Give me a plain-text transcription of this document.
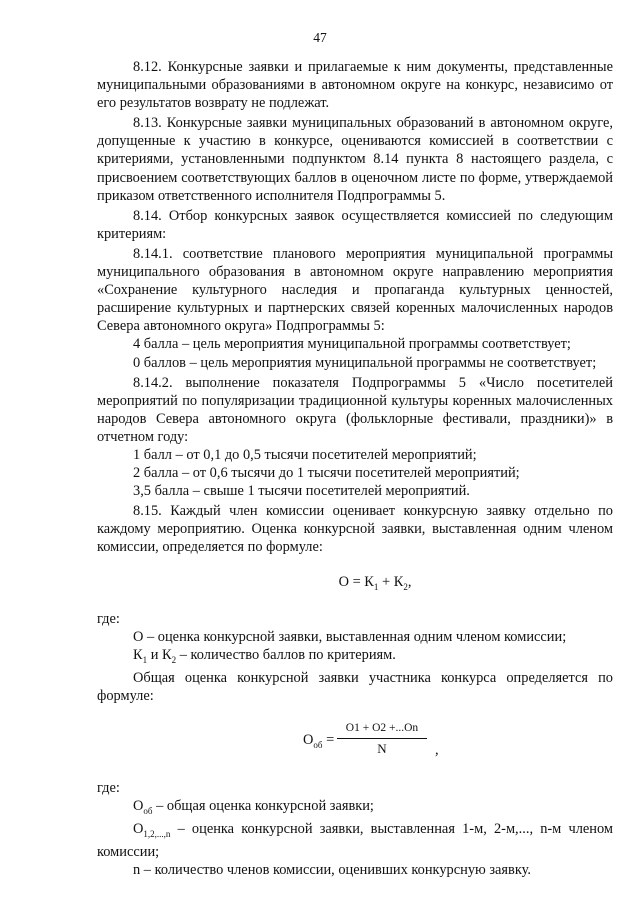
47

8.12. Конкурсные заявки и прилагаемые к ним документы, представленные муниципальными образованиями в автономном округе на конкурс, независимо от его результатов возврату не подлежат.

8.13. Конкурсные заявки муниципальных образований в автономном округе, допущенные к участию в конкурсе, оцениваются комиссией в соответствии с критериями, установленными подпунктом 8.14 пункта 8 настоящего раздела, с присвоением соответствующих баллов в оценочном листе по форме, утверждаемой приказом ответственного исполнителя Подпрограммы 5.

8.14. Отбор конкурсных заявок осуществляется комиссией по следующим критериям:

8.14.1. соответствие планового мероприятия муниципальной программы муниципального образования в автономном округе направлению мероприятия «Сохранение культурного наследия и пропаганда культурных ценностей, расширение культурных и партнерских связей коренных малочисленных народов Севера автономного округа» Подпрограммы 5:

4 балла – цель мероприятия муниципальной программы соответствует;

0 баллов – цель мероприятия муниципальной программы не соответствует;

8.14.2. выполнение показателя Подпрограммы 5 «Число посетителей мероприятий по популяризации традиционной культуры коренных малочисленных народов Севера автономного округа (фольклорные фестивали, праздники)» в отчетном году:

1 балл – от 0,1 до 0,5 тысячи посетителей мероприятий;

2 балла – от 0,6 тысячи до 1 тысячи посетителей мероприятий;

3,5 балла – свыше 1 тысячи посетителей мероприятий.

8.15. Каждый член комиссии оценивает конкурсную заявку отдельно по каждому мероприятию. Оценка конкурсной заявки, выставленная одним членом комиссии, определяется по формуле:

$О = К_1 + К_2$,

где:

О – оценка конкурсной заявки, выставленная одним членом комиссии;

$К_1$ и $К_2$ – количество баллов по критериям.

Общая оценка конкурсной заявки участника конкурса определяется по формуле:

$О_{об}$ =
О1 + О2 +...Оn
N	,

где:

$О_{об}$ – общая оценка конкурсной заявки;

$О_{1,2,...,n}$ – оценка конкурсной заявки, выставленная 1-м, 2-м,..., n-м членом комиссии;

n – количество членов комиссии, оценивших конкурсную заявку.
